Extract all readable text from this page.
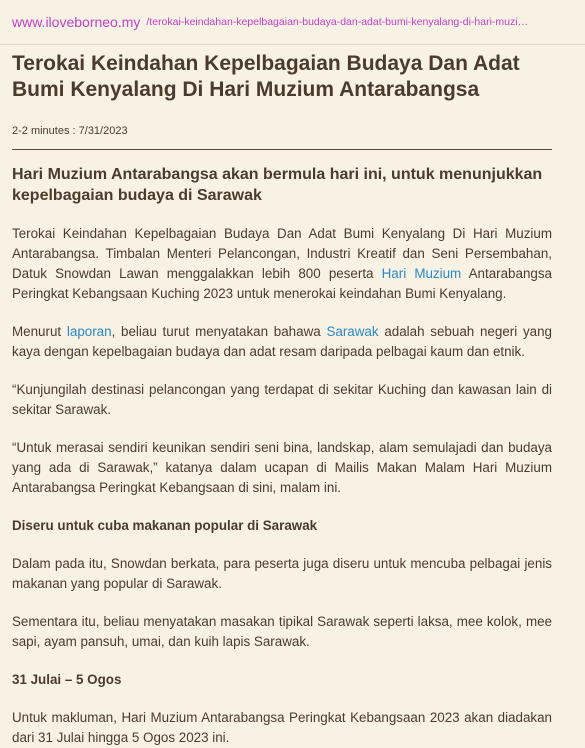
www.iloveborneo.my /terokai-keindahan-kepelbagaian-budaya-dan-adat-bumi-kenyalang-di-hari-muzi…
Terokai Keindahan Kepelbagaian Budaya Dan Adat Bumi Kenyalang Di Hari Muzium Antarabangsa
2-2 minutes : 7/31/2023
Hari Muzium Antarabangsa akan bermula hari ini, untuk menunjukkan kepelbagaian budaya di Sarawak

Terokai Keindahan Kepelbagaian Budaya Dan Adat Bumi Kenyalang Di Hari Muzium Antarabangsa. Timbalan Menteri Pelancongan, Industri Kreatif dan Seni Persembahan, Datuk Snowdan Lawan menggalakkan lebih 800 peserta Hari Muzium Antarabangsa Peringkat Kebangsaan Kuching 2023 untuk menerokai keindahan Bumi Kenyalang.

Menurut laporan, beliau turut menyatakan bahawa Sarawak adalah sebuah negeri yang kaya dengan kepelbagaian budaya dan adat resam daripada pelbagai kaum dan etnik.

“Kunjungilah destinasi pelancongan yang terdapat di sekitar Kuching dan kawasan lain di sekitar Sarawak.

“Untuk merasai sendiri keunikan sendiri seni bina, landskap, alam semulajadi dan budaya yang ada di Sarawak,” katanya dalam ucapan di Mailis Makan Malam Hari Muzium Antarabangsa Peringkat Kebangsaan di sini, malam ini.

Diseru untuk cuba makanan popular di Sarawak

Dalam pada itu, Snowdan berkata, para peserta juga diseru untuk mencuba pelbagai jenis makanan yang popular di Sarawak.

Sementara itu, beliau menyatakan masakan tipikal Sarawak seperti laksa, mee kolok, mee sapi, ayam pansuh, umai, dan kuih lapis Sarawak.

31 Julai – 5 Ogos

Untuk makluman, Hari Muzium Antarabangsa Peringkat Kebangsaan 2023 akan diadakan dari 31 Julai hingga 5 Ogos 2023 ini.
